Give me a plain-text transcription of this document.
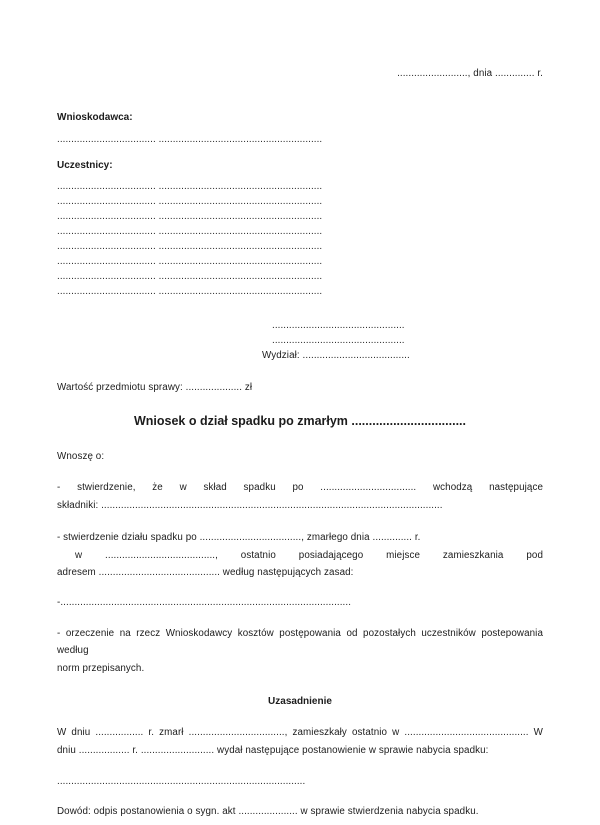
........................., dnia .............. r.
Wnioskodawca:
................................... ..........................................................
Uczestnicy:
................................... ..........................................................
................................... ..........................................................
................................... ..........................................................
................................... ..........................................................
................................... ..........................................................
................................... ..........................................................
................................... ..........................................................
................................... ..........................................................
...............................................
...............................................
Wydział: ......................................
Wartość przedmiotu sprawy: .................... zł
Wniosek o dział spadku po zmarłym .................................
Wnoszę o:
- stwierdzenie, że w skład spadku po .................................. wchodzą następujące
składniki: .........................................................................................................................
- stwierdzenie działu spadku po ...................................., zmarłego dnia .............. r.
w ......................................., ostatnio posiadającego miejsce zamieszkania pod
adresem ........................................... według następujących zasad:
-.......................................................................................................
- orzeczenie na rzecz Wnioskodawcy kosztów postępowania od pozostałych uczestników postepowania według
norm przepisanych.
Uzasadnienie
W dniu ................. r. zmarł .................................., zamieszkały ostatnio w ............................................ W
dniu .................. r. .......................... wydał następujące postanowienie w sprawie nabycia spadku:
........................................................................................
Dowód: odpis postanowienia o sygn. akt ..................... w sprawie stwierdzenia nabycia spadku.
